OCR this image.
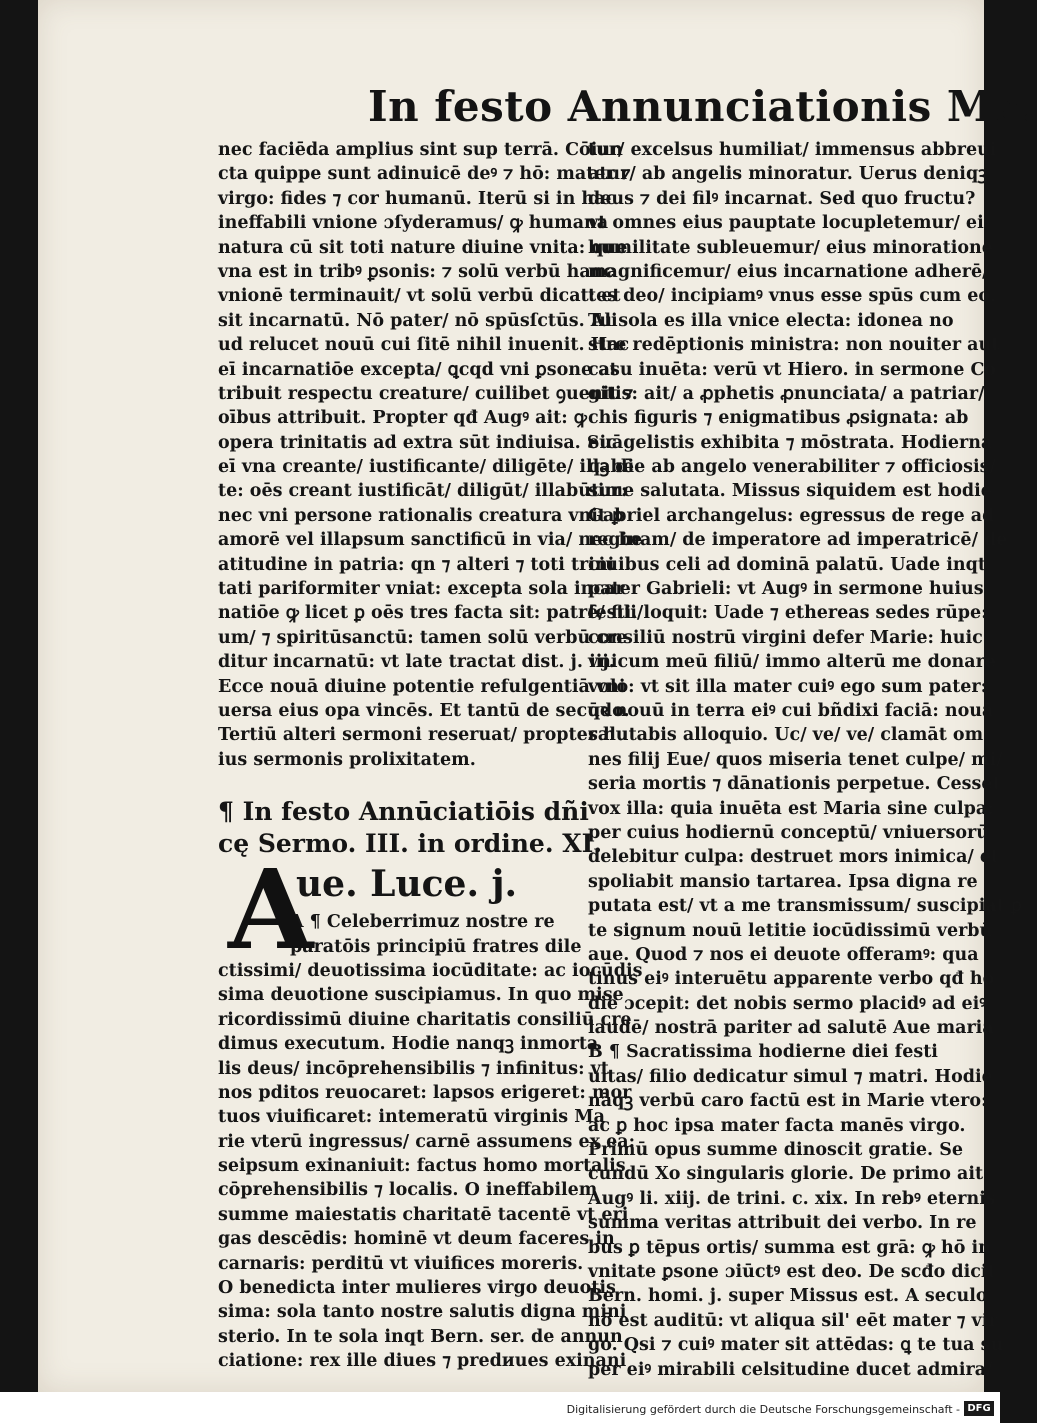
In festo Annunciationis Ma.
nec faciēda amplius sint sup terrā. Cōiun
cta quippe sunt adinuicē deꝰ ⁊ hō: mater ⁊
virgo: fides ⁊ cor humanū. Iterū si in hac
ineffabili vnione ɔſyderamus/ ꝙ humana
natura cū sit toti nature diuine vnita: que
vna est in tribꝰ ꝑsonis: ⁊ solū verbū hanc
vnionē terminauit/ vt solū verbū dicat: et
sit incarnatū. Nō pater/ nō spūsſctūs. Ali
ud relucet nouū cui ſitē nihil inuenit. Hac
eī incarnatiōe excepta/ ꝗcqd vni ꝑsone at
tribuit respectu creature/ cuilibet ꝯuenit ⁊
oībus attribuit. Propter qđ Augꝰ ait: ꝙ
opera trinitatis ad extra sūt indiuisa. Sic
eī vna creante/ iustificante/ diligēte/ illabē
te: oēs creant iustificāt/ diligūt/ illabūtur:
nec vni persone rationalis creatura vnit ꝑ
amorē vel illapsum sanctificū in via/ nec be
atitudine in patria: qn ⁊ alteri ⁊ toti trini
tati pariformiter vniat: excepta sola incar
natiōe ꝙ licet ꝑ oēs tres facta sit: patrē/ fili/
um/ ⁊ spiritūsanctū: tamen solū verbū cre
ditur incarnatū: vt late tractat dist. j. iij.
Ecce nouā diuine potentie refulgentiā vni
uersa eius opa vincēs. Et tantū de secūdo.
Tertiū alteri sermoni reseruat/ propter hu
ius sermonis prolixitatem.
¶ In festo Annūciatiōis dñi
cę Sermo. III. in ordine. XI.
A
ue. Luce. j.
A ¶ Celeberrimuz nostre re
paratōis principiū fratres dile
ctissimi/ deuotissima iocūditate: ac iocūdis
sima deuotione suscipiamus. In quo mise
ricordissimū diuine charitatis consiliū cre
dimus executum. Hodie nanqꝫ inmorta
lis deus/ incōprehensibilis ⁊ infinitus: vt
nos pditos reuocaret: lapsos erigeret: mor
tuos viuificaret: intemeratū virginis Ma
rie vterū ingressus/ carnē assumens ex ea:
seipsum exinaniuit: factus homo mortalis
cōprehensibilis ⁊ localis. O ineffabilem
summe maiestatis charitatē tacentē vt eri
gas descēdis: hominē vt deum faceres in
carnaris: perditū vt viuifices moreris.
O benedicta inter mulieres virgo deuotis
sima: sola tanto nostre salutis digna mini
sterio. In te sola inqt Bern. ser. de annun
ciatione: rex ille diues ⁊ predиues exinani
tur/ excelsus humiliat/ immensus abbreui
atur/ ab angelis minoratur. Uerus deniqꝫ
deus ⁊ dei filꝰ incarnat. Sed quo fructu?
vt omnes eius pauptate locupletemur/ eiꝰ
humilitate subleuemur/ eius minoratione
magnificemur/ eius incarnatione adherē/
tes deo/ incipiamꝰ vnus esse spūs cum eo.
Tu sola es illa vnice electa: idonea no
stre redēptionis ministra: non nouiter aut
casu inuēta: verū vt Hiero. in sermone Co
gitis: ait/ a ꝓphetis ꝓnunciata/ a patriar/
chis figuris ⁊ enigmatibus ꝓsignata: ab
euāgelistis exhibita ⁊ mōstrata. Hodierna
qꝫ die ab angelo venerabiliter ⁊ officiosis/
sime salutata. Missus siquidem est hodie
Gabriel archangelus: egressus de rege ad
reginam/ de imperatore ad imperatricē/ de
ciuibus celi ad dominā palatū. Uade inqt
pater Gabrieli: vt Augꝰ in sermone huius
festi. loquit: Uade ⁊ ethereas sedes rūpe:
consiliū nostrū virgini defer Marie: huic
vnicum meū filiū/ immo alterū me donare
volo: vt sit illa mater cuiꝰ ego sum pater:
qꝛ nouū in terra eiꝰ cui bñdixi faciā: nouā
salutabis alloquio. Uc/ ve/ ve/ clamāt om
nes filij Eue/ quos miseria tenet culpe/ mi/
seria mortis ⁊ dānationis perpetue. Cesset
vox illa: quia inuēta est Maria sine culpa:
per cuius hodiernū conceptū/ vniuersorū
delebitur culpa: destruet mors inimica/ et
spoliabit mansio tartarea. Ipsa digna re
putata est/ vt a me transmissum/ suscipiat ꝑ
te signum nouū letitie iocūdissimū verbū
aue. Quod ⁊ nos ei deuote offeramꝰ: qua
tinus eiꝰ interuētu apparente verbo qđ ho
die ɔcepit: det nobis sermo placidꝰ ad eiꝰ
laudē/ nostrā pariter ad salutē Aue maria
B ¶ Sacratissima hodierne diei festi
uitas/ filio dedicatur simul ⁊ matri. Hodie
nāqꝫ verbū caro factū est in Marie vtero:
ac ꝑ hoc ipsa mater facta manēs virgo.
Primū opus summe dinoscit gratie. Se
cundū Xo singularis glorie. De primo ait
Augꝰ li. xiij. de trini. c. xix. In rebꝰ eternis
summa veritas attribuit dei verbo. In re
bus ꝑ tēpus ortis/ summa est grā: ꝙ hō in
vnitate ꝑsone ɔiūctꝰ est deo. De scđo dicit
Bern. homi. j. super Missus est. A seculo
nō est auditū: vt aliqua sil' eēt mater ⁊ vir
go. Qsi ⁊ cuiꝰ mater sit attēdas: ꝗ te tua su
per eiꝰ mirabili celsitudine ducet admira/
Digitalisierung gefördert durch die Deutsche Forschungsgemeinschaft - DFG
